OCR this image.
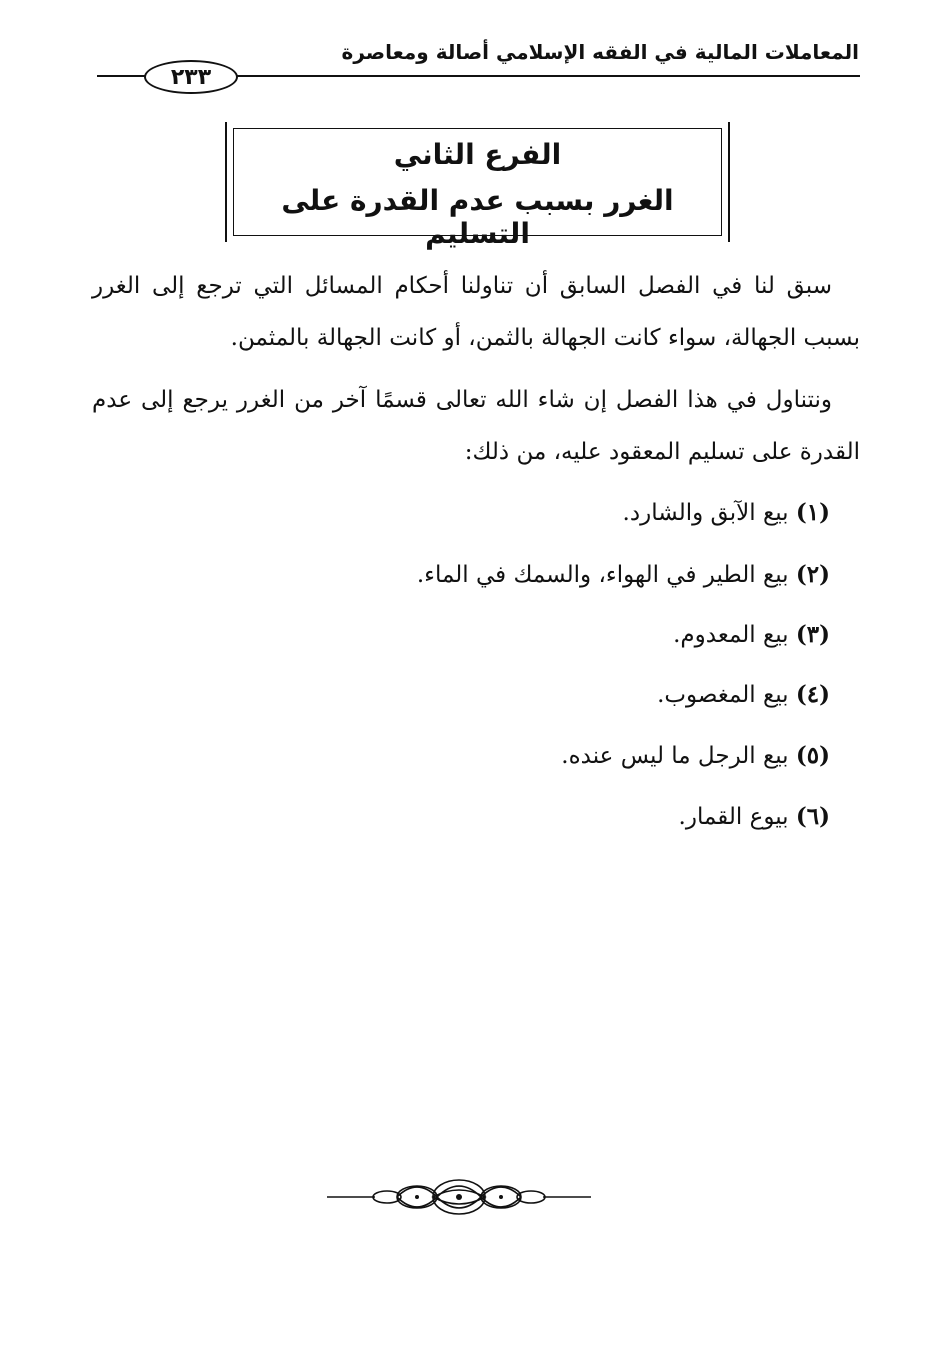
المعاملات المالية في الفقه الإسلامي أصالة ومعاصرة
٢٣٣
الفرع الثاني
الغرر بسبب عدم القدرة على التسليم
سبق لنا في الفصل السابق أن تناولنا أحكام المسائل التي ترجع إلى الغرر بسبب الجهالة، سواء كانت الجهالة بالثمن، أو كانت الجهالة بالمثمن.
ونتناول في هذا الفصل إن شاء الله تعالى قسمًا آخر من الغرر يرجع إلى عدم القدرة على تسليم المعقود عليه، من ذلك:
(١) بيع الآبق والشارد.
(٢) بيع الطير في الهواء، والسمك في الماء.
(٣) بيع المعدوم.
(٤) بيع المغصوب.
(٥) بيع الرجل ما ليس عنده.
(٦) بيوع القمار.
